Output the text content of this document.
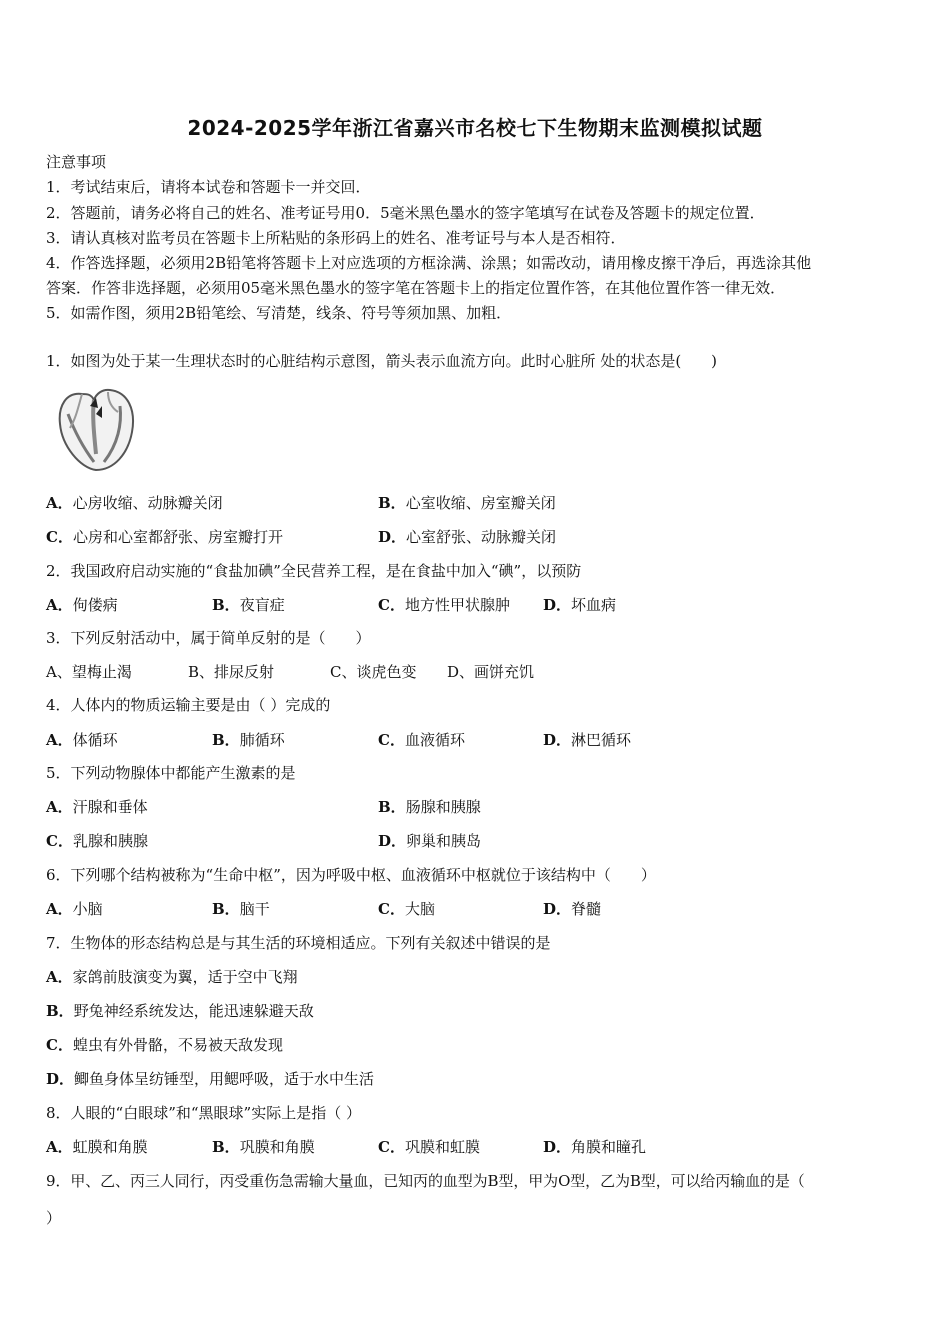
2024-2025学年浙江省嘉兴市名校七下生物期末监测模拟试题
注意事项
1．考试结束后，请将本试卷和答题卡一并交回．
2．答题前，请务必将自己的姓名、准考证号用0．5毫米黑色墨水的签字笔填写在试卷及答题卡的规定位置．
3．请认真核对监考员在答题卡上所粘贴的条形码上的姓名、准考证号与本人是否相符．
4．作答选择题，必须用2B铅笔将答题卡上对应选项的方框涂满、涂黑；如需改动，请用橡皮擦干净后，再选涂其他
答案．作答非选择题，必须用05毫米黑色墨水的签字笔在答题卡上的指定位置作答，在其他位置作答一律无效．
5．如需作图，须用2B铅笔绘、写清楚，线条、符号等须加黑、加粗．
1．如图为处于某一生理状态时的心脏结构示意图，箭头表示血流方向。此时心脏所 处的状态是(　　)
A．心房收缩、动脉瓣关闭	B．心室收缩、房室瓣关闭
C．心房和心室都舒张、房室瓣打开	D．心室舒张、动脉瓣关闭
2．我国政府启动实施的“食盐加碘”全民营养工程，是在食盐中加入“碘”，以预防
A．佝偻病	B．夜盲症	C．地方性甲状腺肿 D．坏血病
3．下列反射活动中，属于简单反射的是（　　）
A、望梅止渴	B、排尿反射	C、谈虎色变 D、画饼充饥
4．人体内的物质运输主要是由（ ）完成的
A．体循环	B．肺循环	C．血液循环	D．淋巴循环
5．下列动物腺体中都能产生激素的是
A．汗腺和垂体	B．肠腺和胰腺
C．乳腺和胰腺	D．卵巢和胰岛
6．下列哪个结构被称为“生命中枢”，因为呼吸中枢、血液循环中枢就位于该结构中（　　）
A．小脑	B．脑干	C．大脑	D．脊髓
7．生物体的形态结构总是与其生活的环境相适应。下列有关叙述中错误的是
A．家鸽前肢演变为翼，适于空中飞翔
B．野兔神经系统发达，能迅速躲避天敌
C．蝗虫有外骨骼，不易被天敌发现
D．鲫鱼身体呈纺锤型，用鳃呼吸，适于水中生活
8．人眼的“白眼球”和“黑眼球”实际上是指（ ）
A．虹膜和角膜	B．巩膜和角膜	C．巩膜和虹膜	D．角膜和瞳孔
9．甲、乙、丙三人同行，丙受重伤急需输大量血，已知丙的血型为B型，甲为O型，乙为B型，可以给丙输血的是（
）
